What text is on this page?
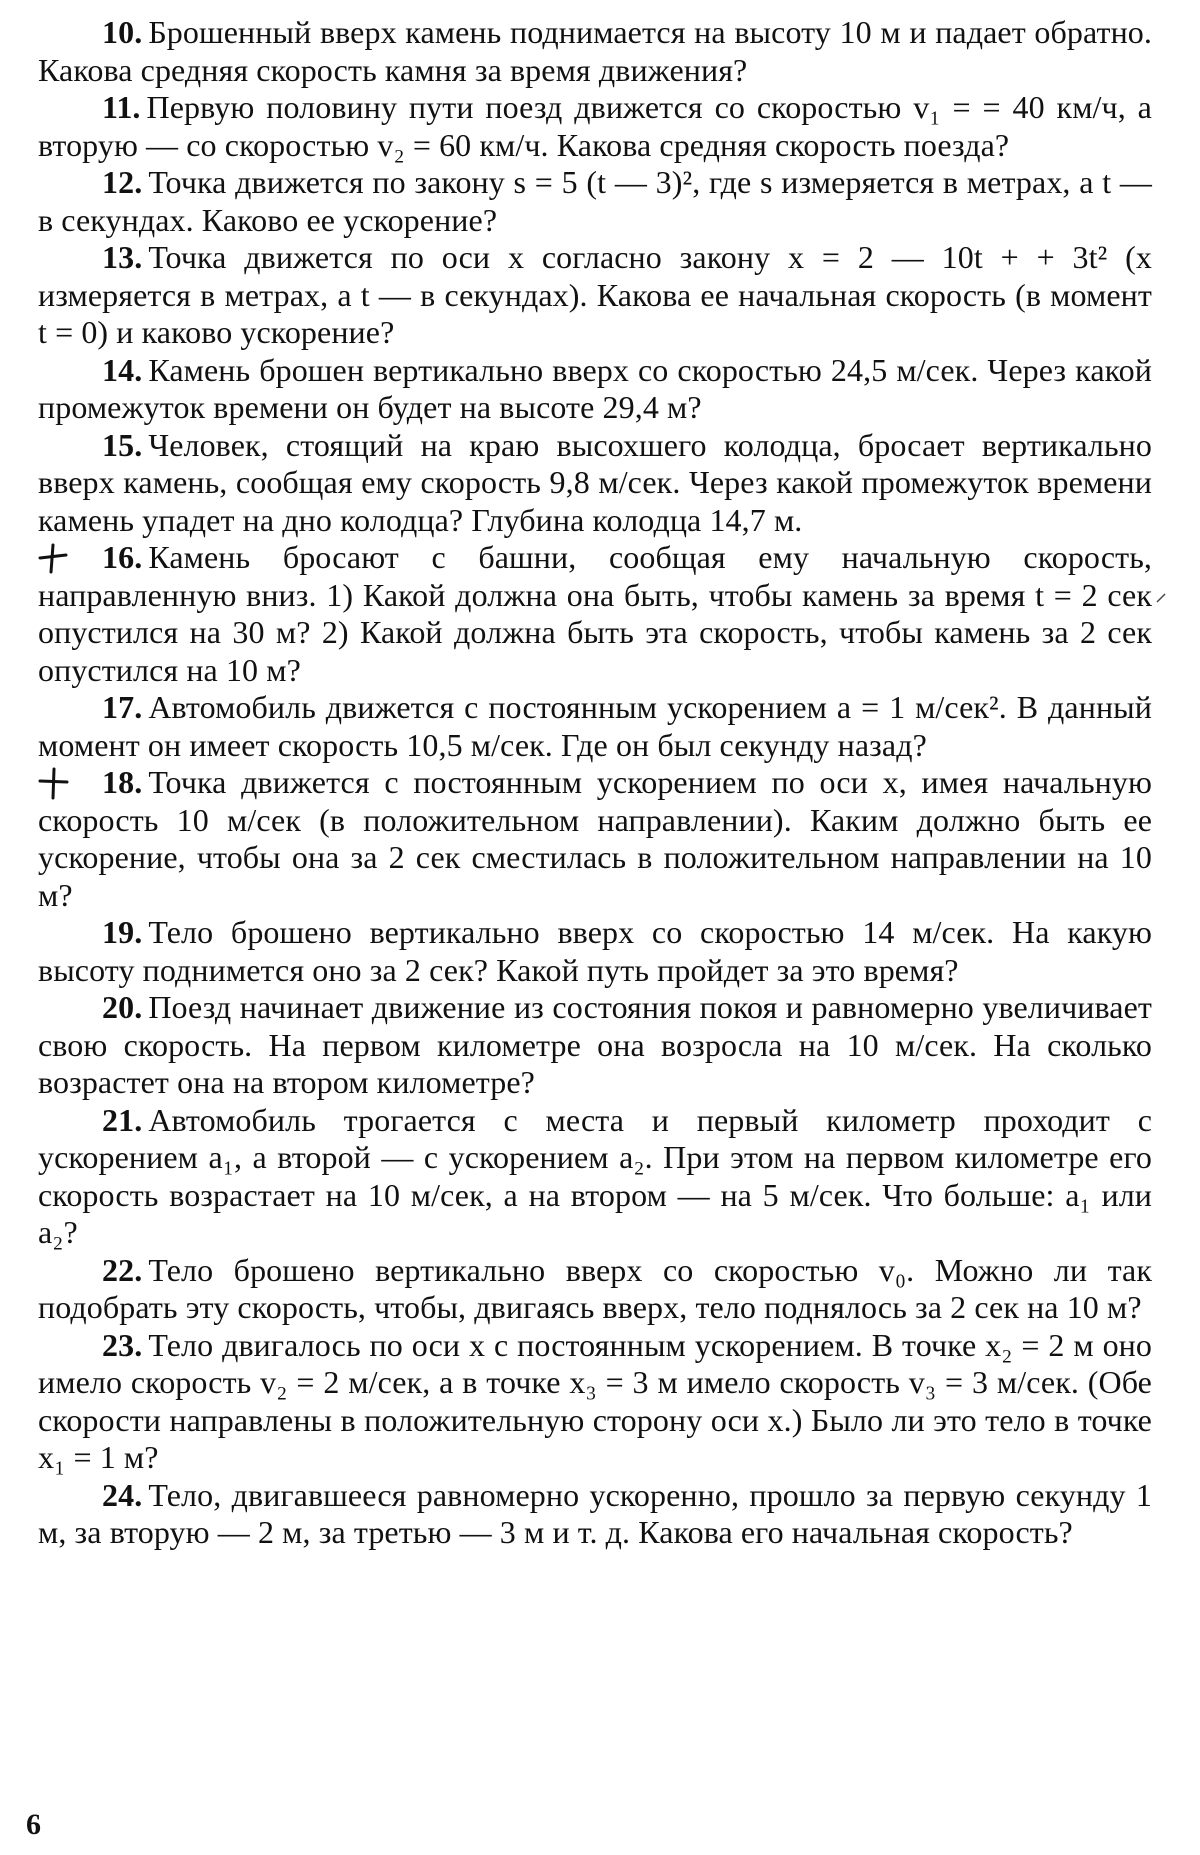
10. Брошенный вверх камень поднимается на высоту 10 м и падает обратно. Какова средняя скорость камня за время движения?

11. Первую половину пути поезд движется со скоростью v₁ = = 40 км/ч, а вторую — со скоростью v₂ = 60 км/ч. Какова средняя скорость поезда?

12. Точка движется по закону s = 5 (t — 3)², где s измеряется в метрах, а t — в секундах. Каково ее ускорение?

13. Точка движется по оси x согласно закону x = 2 — 10t + + 3t² (x измеряется в метрах, а t — в секундах). Какова ее начальная скорость (в момент t = 0) и каково ускорение?

14. Камень брошен вертикально вверх со скоростью 24,5 м/сек. Через какой промежуток времени он будет на высоте 29,4 м?

15. Человек, стоящий на краю высохшего колодца, бросает вертикально вверх камень, сообщая ему скорость 9,8 м/сек. Через какой промежуток времени камень упадет на дно колодца? Глубина колодца 14,7 м.

16. Камень бросают с башни, сообщая ему начальную скорость, направленную вниз. 1) Какой должна она быть, чтобы камень за время t = 2 сек опустился на 30 м? 2) Какой должна быть эта скорость, чтобы камень за 2 сек опустился на 10 м?

17. Автомобиль движется с постоянным ускорением a = 1 м/сек². В данный момент он имеет скорость 10,5 м/сек. Где он был секунду назад?

18. Точка движется с постоянным ускорением по оси x, имея начальную скорость 10 м/сек (в положительном направлении). Каким должно быть ее ускорение, чтобы она за 2 сек сместилась в положительном направлении на 10 м?

19. Тело брошено вертикально вверх со скоростью 14 м/сек. На какую высоту поднимется оно за 2 сек? Какой путь пройдет за это время?

20. Поезд начинает движение из состояния покоя и равномерно увеличивает свою скорость. На первом километре она возросла на 10 м/сек. На сколько возрастет она на втором километре?

21. Автомобиль трогается с места и первый километр проходит с ускорением a₁, а второй — с ускорением a₂. При этом на первом километре его скорость возрастает на 10 м/сек, а на втором — на 5 м/сек. Что больше: a₁ или a₂?

22. Тело брошено вертикально вверх со скоростью v₀. Можно ли так подобрать эту скорость, чтобы, двигаясь вверх, тело поднялось за 2 сек на 10 м?

23. Тело двигалось по оси x с постоянным ускорением. В точке x₂ = 2 м оно имело скорость v₂ = 2 м/сек, а в точке x₃ = 3 м имело скорость v₃ = 3 м/сек. (Обе скорости направлены в положительную сторону оси x.) Было ли это тело в точке x₁ = 1 м?

24. Тело, двигавшееся равномерно ускоренно, прошло за первую секунду 1 м, за вторую — 2 м, за третью — 3 м и т. д. Какова его начальная скорость?

6
